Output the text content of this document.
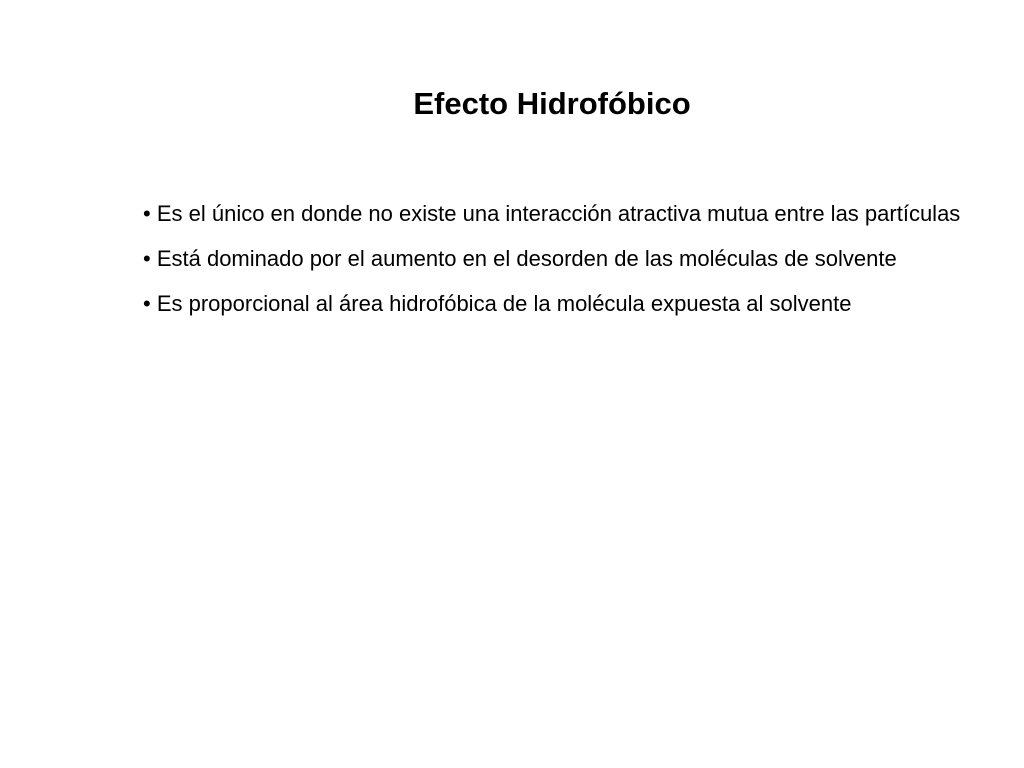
Efecto Hidrofóbico
• Es el único en donde no existe una interacción atractiva mutua entre las partículas
• Está dominado por el aumento en el desorden de las moléculas de solvente
• Es proporcional al área hidrofóbica de la molécula expuesta al solvente
